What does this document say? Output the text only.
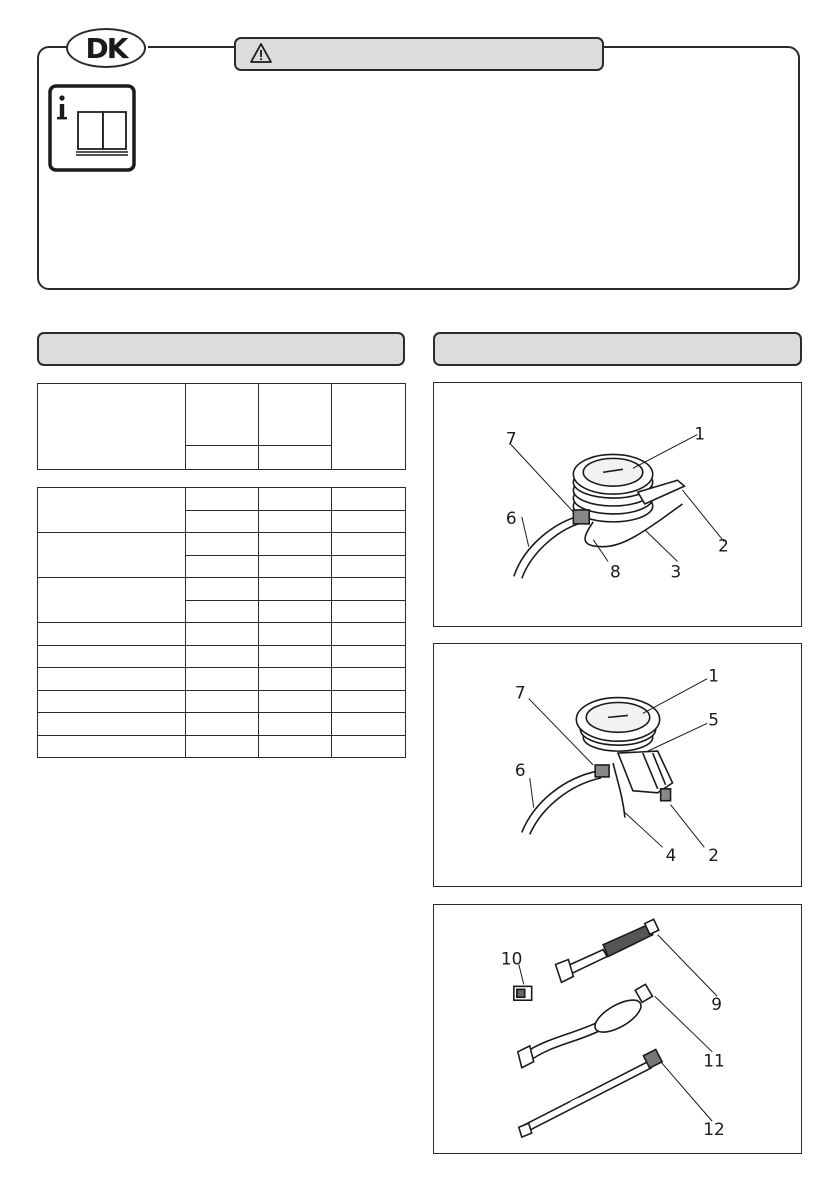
DK

1
2
3
6
7
8
1
2
4
5
6
7
10
9
11
12
